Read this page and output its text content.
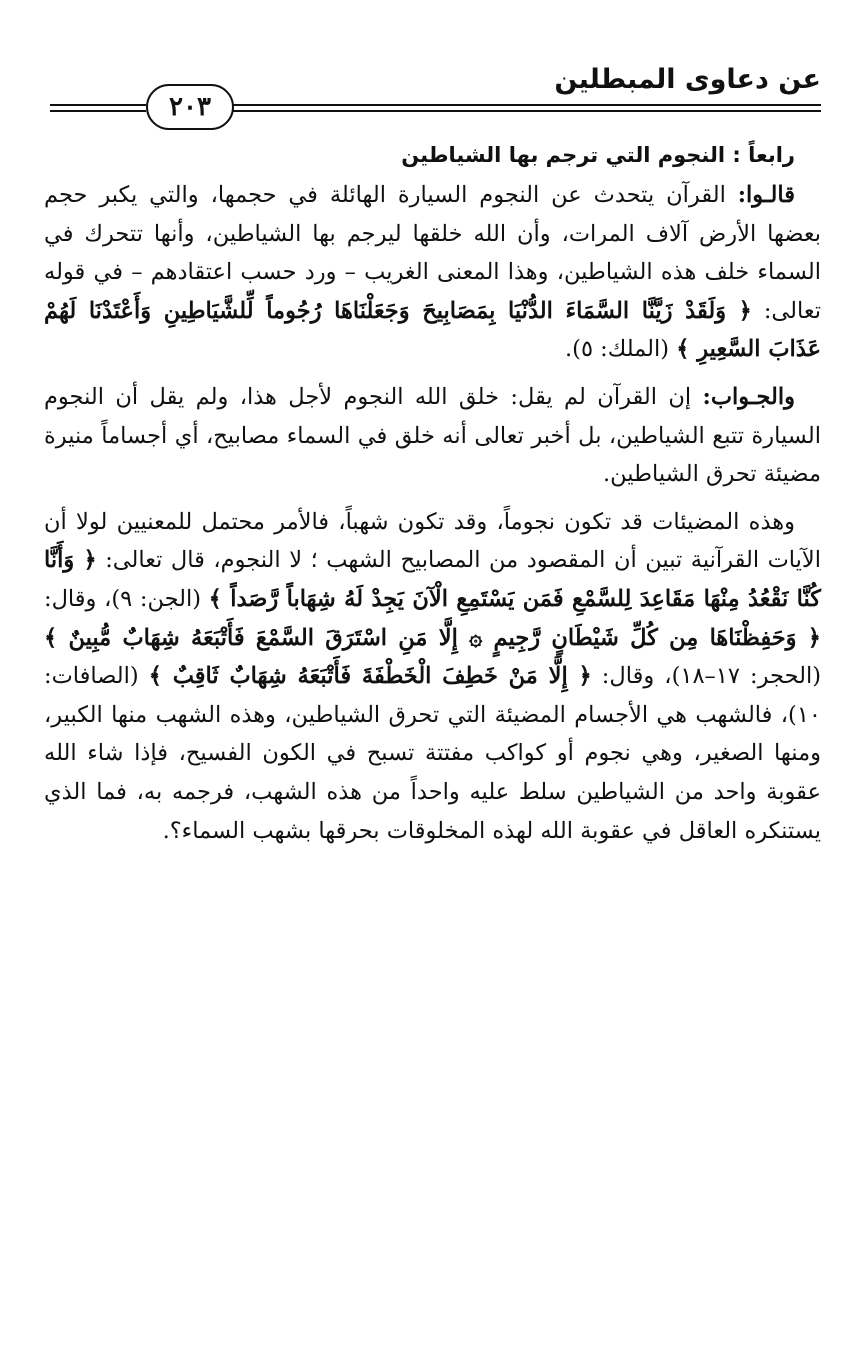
عن دعاوى المبطلين
٢٠٣
رابعاً : النجوم التي ترجم بها الشياطين

قالـوا: القرآن يتحدث عن النجوم السيارة الهائلة في حجمها، والتي يكبر حجم بعضها الأرض آلاف المرات، وأن الله خلقها ليرجم بها الشياطين، وأنها تتحرك في السماء خلف هذه الشياطين، وهذا المعنى الغريب – ورد حسب اعتقادهم – في قوله تعالى: ﴿ وَلَقَدْ زَيَّنَّا السَّمَاءَ الدُّنْيَا بِمَصَابِيحَ وَجَعَلْنَاهَا رُجُوماً لِّلشَّيَاطِينِ وَأَعْتَدْنَا لَهُمْ عَذَابَ السَّعِيرِ ﴾ (الملك: ٥).

والجـواب: إن القرآن لم يقل: خلق الله النجوم لأجل هذا، ولم يقل أن النجوم السيارة تتبع الشياطين، بل أخبر تعالى أنه خلق في السماء مصابيح، أي أجساماً منيرة مضيئة تحرق الشياطين.

وهذه المضيئات قد تكون نجوماً، وقد تكون شهباً، فالأمر محتمل للمعنيين لولا أن الآيات القرآنية تبين أن المقصود من المصابيح الشهب ؛ لا النجوم، قال تعالى: ﴿ وَأَنَّا كُنَّا نَقْعُدُ مِنْهَا مَقَاعِدَ لِلسَّمْعِ فَمَن يَسْتَمِعِ الْآنَ يَجِدْ لَهُ شِهَاباً رَّصَداً ﴾ (الجن: ٩)، وقال: ﴿ وَحَفِظْنَاهَا مِن كُلِّ شَيْطَانٍ رَّجِيمٍ ۞ إِلَّا مَنِ اسْتَرَقَ السَّمْعَ فَأَتْبَعَهُ شِهَابٌ مُّبِينٌ ﴾ (الحجر: ١٧–١٨)، وقال: ﴿ إِلَّا مَنْ خَطِفَ الْخَطْفَةَ فَأَتْبَعَهُ شِهَابٌ ثَاقِبٌ ﴾ (الصافات: ١٠)، فالشهب هي الأجسام المضيئة التي تحرق الشياطين، وهذه الشهب منها الكبير، ومنها الصغير، وهي نجوم أو كواكب مفتتة تسبح في الكون الفسيح، فإذا شاء الله عقوبة واحد من الشياطين سلط عليه واحداً من هذه الشهب، فرجمه به، فما الذي يستنكره العاقل في عقوبة الله لهذه المخلوقات بحرقها بشهب السماء؟.
